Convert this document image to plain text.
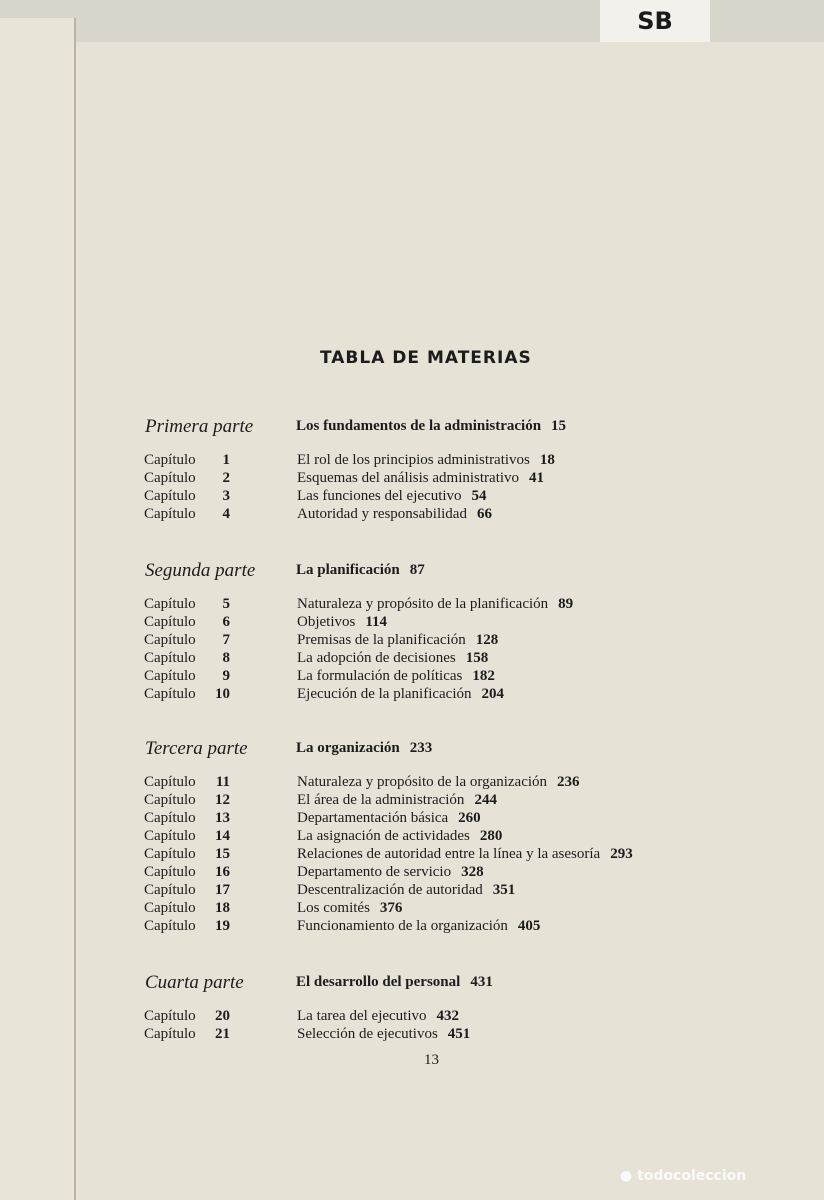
SB
TABLA DE MATERIAS
Primera parte	Los fundamentos de la administración 15
Capítulo	1	El rol de los principios administrativos 18
Capítulo	2	Esquemas del análisis administrativo 41
Capítulo	3	Las funciones del ejecutivo 54
Capítulo	4	Autoridad y responsabilidad 66
Segunda parte	La planificación 87
Capítulo	5	Naturaleza y propósito de la planificación 89
Capítulo	6	Objetivos 114
Capítulo	7	Premisas de la planificación 128
Capítulo	8	La adopción de decisiones 158
Capítulo	9	La formulación de políticas 182
Capítulo	10	Ejecución de la planificación 204
Tercera parte	La organización 233
Capítulo	11	Naturaleza y propósito de la organización 236
Capítulo	12	El área de la administración 244
Capítulo	13	Departamentación básica 260
Capítulo	14	La asignación de actividades 280
Capítulo	15	Relaciones de autoridad entre la línea y la asesoría 293
Capítulo	16	Departamento de servicio 328
Capítulo	17	Descentralización de autoridad 351
Capítulo	18	Los comités 376
Capítulo	19	Funcionamiento de la organización 405
Cuarta parte	El desarrollo del personal 431
Capítulo	20	La tarea del ejecutivo 432
Capítulo	21	Selección de ejecutivos 451
13
● todocoleccion
